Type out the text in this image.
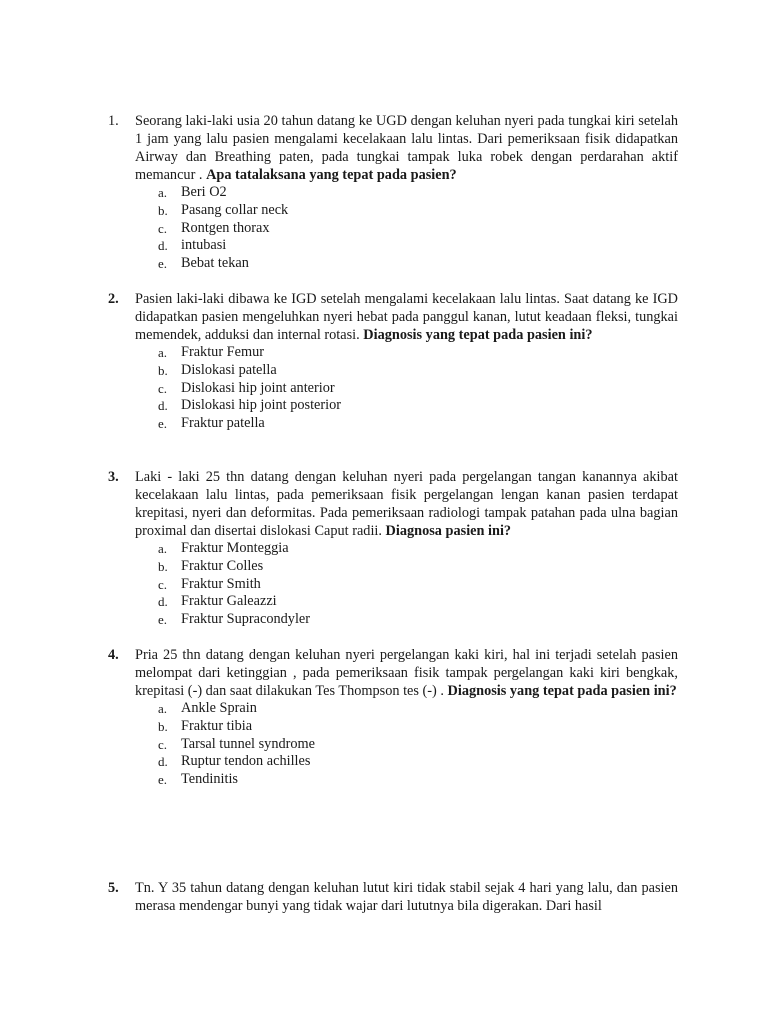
1.	Seorang laki-laki usia 20 tahun datang ke UGD dengan keluhan nyeri pada tungkai kiri setelah 1 jam yang lalu pasien mengalami kecelakaan lalu lintas. Dari pemeriksaan fisik didapatkan Airway dan Breathing paten, pada tungkai tampak luka robek dengan perdarahan aktif memancur . Apa tatalaksana yang tepat pada pasien?
a. Beri O2
b. Pasang collar neck
c. Rontgen thorax
d. intubasi
e. Bebat tekan
2.	Pasien laki-laki dibawa ke IGD setelah mengalami kecelakaan lalu lintas. Saat datang ke IGD didapatkan pasien mengeluhkan nyeri hebat pada panggul kanan, lutut keadaan fleksi, tungkai memendek, adduksi dan internal rotasi. Diagnosis yang tepat pada pasien ini?
a. Fraktur Femur
b. Dislokasi patella
c. Dislokasi hip joint anterior
d. Dislokasi hip joint posterior
e. Fraktur patella
3.	Laki - laki 25 thn datang dengan keluhan nyeri pada pergelangan tangan kanannya akibat kecelakaan lalu lintas, pada pemeriksaan fisik pergelangan lengan kanan pasien terdapat krepitasi, nyeri dan deformitas. Pada pemeriksaan radiologi tampak patahan pada ulna bagian proximal dan disertai dislokasi Caput radii. Diagnosa pasien ini?
a. Fraktur Monteggia
b. Fraktur Colles
c. Fraktur Smith
d. Fraktur Galeazzi
e. Fraktur Supracondyler
4.	Pria 25 thn datang dengan keluhan nyeri pergelangan kaki kiri, hal ini terjadi setelah pasien melompat dari ketinggian , pada pemeriksaan fisik tampak pergelangan kaki kiri bengkak, krepitasi (-) dan saat dilakukan Tes Thompson tes (-) . Diagnosis yang tepat pada pasien ini?
a. Ankle Sprain
b. Fraktur tibia
c. Tarsal tunnel syndrome
d. Ruptur tendon achilles
e. Tendinitis
5.	Tn. Y 35 tahun datang dengan keluhan lutut kiri tidak stabil sejak 4 hari yang lalu, dan pasien merasa mendengar bunyi yang tidak wajar dari lututnya bila digerakan. Dari hasil
